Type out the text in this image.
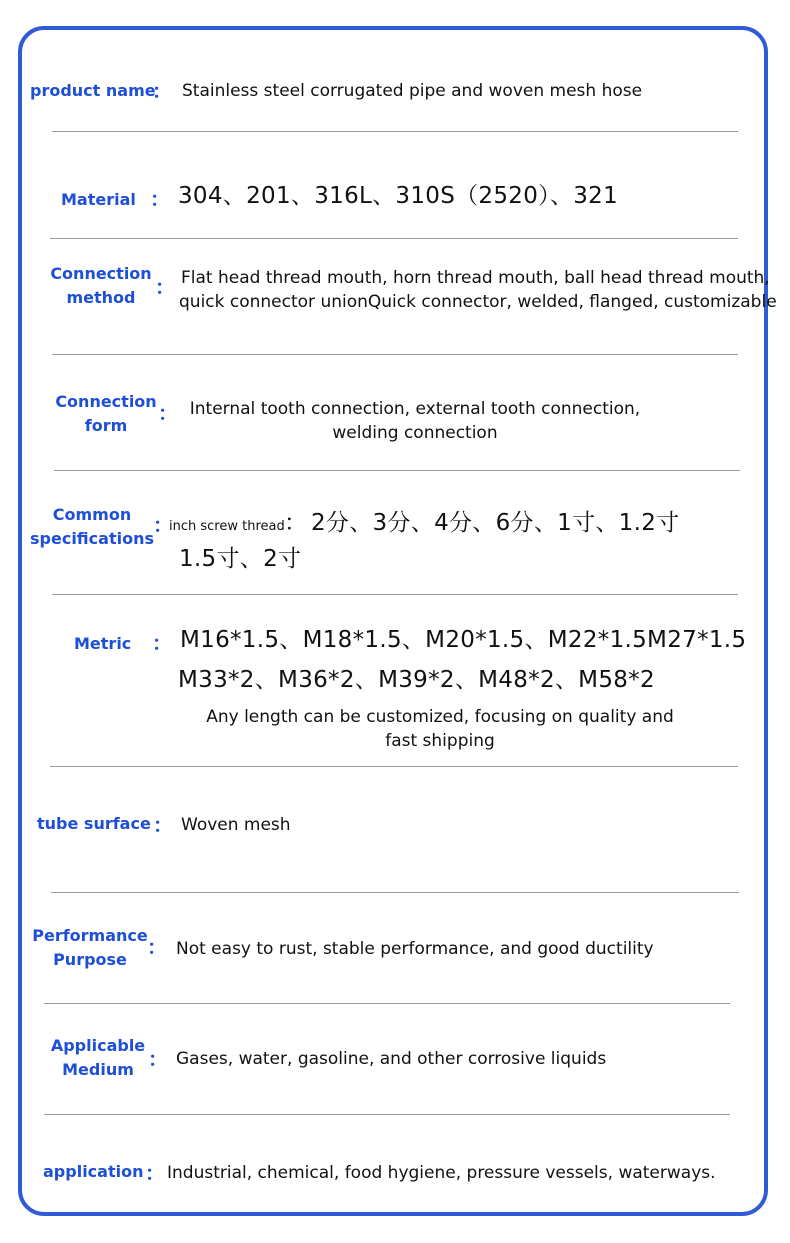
product name
： Stainless steel corrugated pipe and woven mesh hose
Material ： 304、201、316L、310S（2520）、321
Connection
method ： Flat head thread mouth, horn thread mouth, ball head thread mouth,
quick connector unionQuick connector, welded, flanged, customizable
Connection
form
： Internal tooth connection, external tooth connection,
welding connection
Common
specifications
：
inch screw thread ： 2分、3分、4分、6分、1寸、1.2寸
1.5寸、2寸
Metric ： M16*1.5、M18*1.5、M20*1.5、M22*1.5M27*1.5
M33*2、M36*2、M39*2、M48*2、M58*2
Any length can be customized, focusing on quality and
fast shipping
tube surface ： Woven mesh
Performance
Purpose
： Not easy to rust, stable performance, and good ductility
Applicable
Medium ： Gases, water, gasoline, and other corrosive liquids
application ： Industrial, chemical, food hygiene, pressure vessels, waterways.
